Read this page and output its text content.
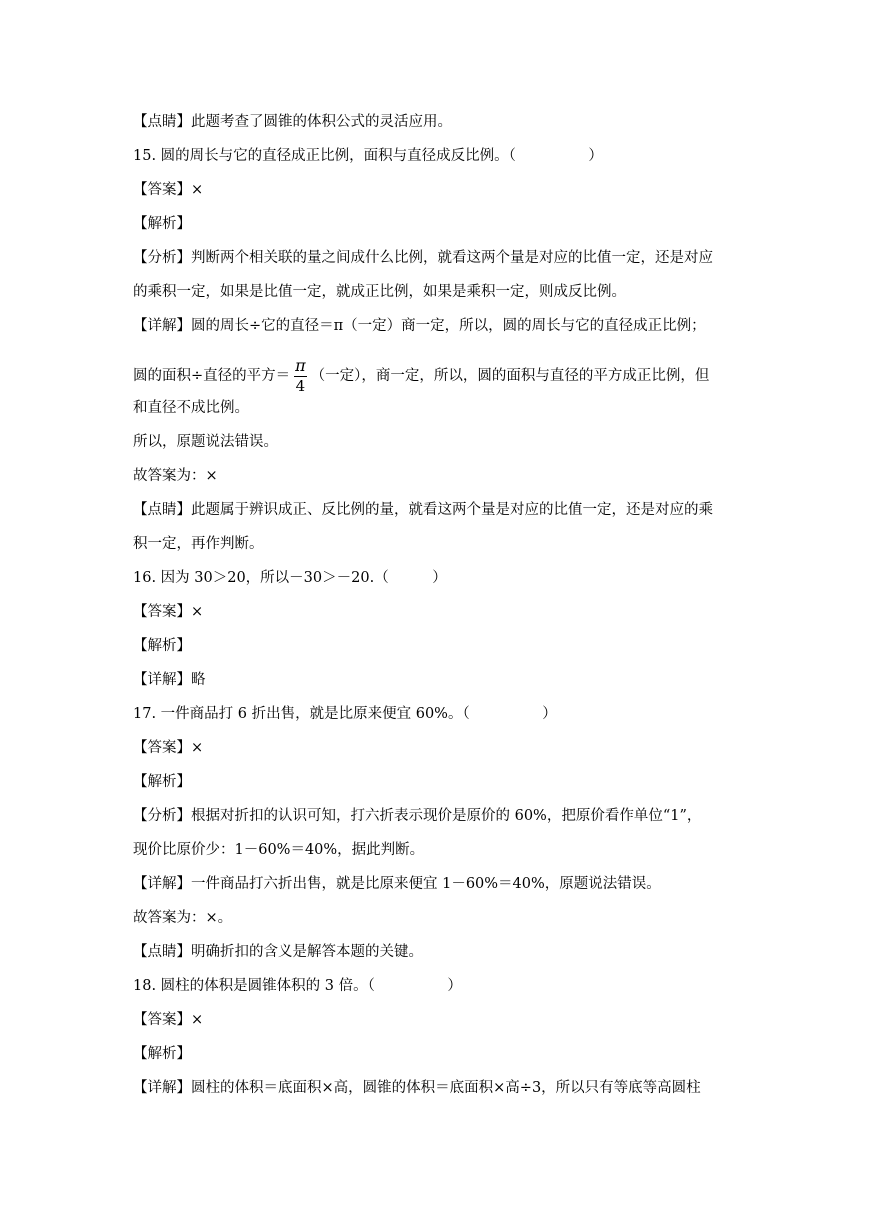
【点睛】此题考查了圆锥的体积公式的灵活应用。
15. 圆的周长与它的直径成正比例，面积与直径成反比例。（　　　　　）
【答案】×
【解析】
【分析】判断两个相关联的量之间成什么比例，就看这两个量是对应的比值一定，还是对应
的乘积一定，如果是比值一定，就成正比例，如果是乘积一定，则成反比例。
【详解】圆的周长÷它的直径＝π（一定）商一定，所以，圆的周长与它的直径成正比例；
圆的面积÷直径的平方＝ $\frac{\pi}{4}$ （一定），商一定，所以，圆的面积与直径的平方成正比例，但
和直径不成比例。
所以，原题说法错误。
故答案为：×
【点睛】此题属于辨识成正、反比例的量，就看这两个量是对应的比值一定，还是对应的乘
积一定，再作判断。
16. 因为 30＞20，所以－30＞－20.（　　　）
【答案】×
【解析】
【详解】略
17. 一件商品打 6 折出售，就是比原来便宜 60%。（　　　　　）
【答案】×
【解析】
【分析】根据对折扣的认识可知，打六折表示现价是原价的 60%，把原价看作单位“1”，
现价比原价少：1－60%＝40%，据此判断。
【详解】一件商品打六折出售，就是比原来便宜 1－60%＝40%，原题说法错误。
故答案为：×。
【点睛】明确折扣的含义是解答本题的关键。
18. 圆柱的体积是圆锥体积的 3 倍。（　　　　　）
【答案】×
【解析】
【详解】圆柱的体积＝底面积×高，圆锥的体积＝底面积×高÷3，所以只有等底等高圆柱
